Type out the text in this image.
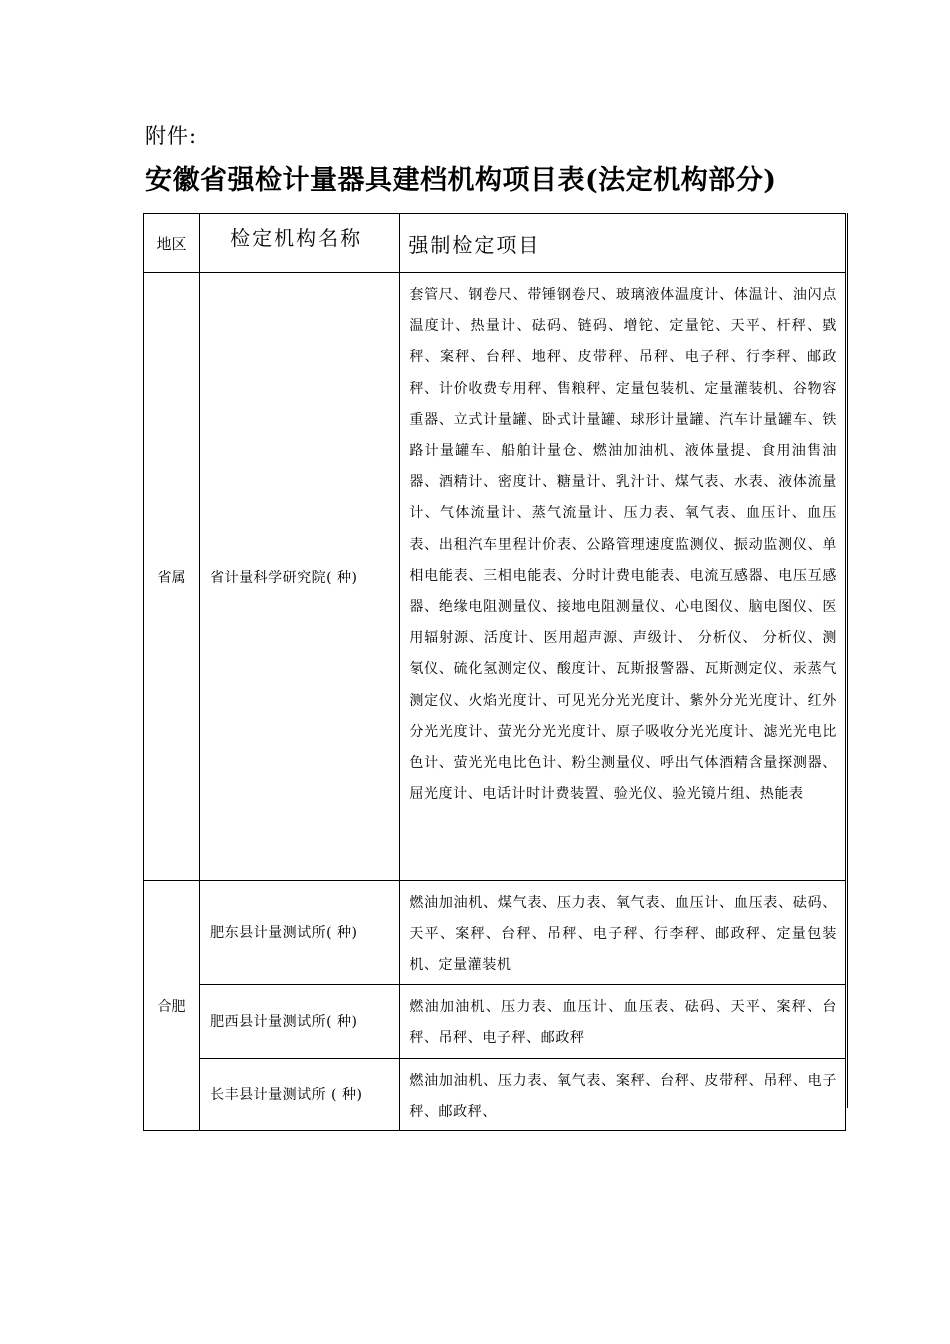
附件:
安徽省强检计量器具建档机构项目表(法定机构部分)
地区	检定机构名称	强制检定项目
省属	省计量科学研究院( 种)	套管尺、钢卷尺、带锤钢卷尺、玻璃液体温度计、体温计、油闪点温度计、热量计、砝码、链码、增铊、定量铊、天平、杆秤、戥秤、案秤、台秤、地秤、皮带秤、吊秤、电子秤、行李秤、邮政秤、计价收费专用秤、售粮秤、定量包装机、定量灌装机、谷物容重器、立式计量罐、卧式计量罐、球形计量罐、汽车计量罐车、铁路计量罐车、船舶计量仓、燃油加油机、液体量提、食用油售油器、酒精计、密度计、糖量计、乳汁计、煤气表、水表、液体流量计、气体流量计、蒸气流量计、压力表、氧气表、血压计、血压表、出租汽车里程计价表、公路管理速度监测仪、振动监测仪、单相电能表、三相电能表、分时计费电能表、电流互感器、电压互感器、绝缘电阻测量仪、接地电阻测量仪、心电图仪、脑电图仪、医用辐射源、活度计、医用超声源、声级计、 分析仪、 分析仪、测氡仪、硫化氢测定仪、酸度计、瓦斯报警器、瓦斯测定仪、汞蒸气测定仪、火焰光度计、可见光分光光度计、紫外分光光度计、红外分光光度计、萤光分光光度计、原子吸收分光光度计、滤光光电比色计、萤光光电比色计、粉尘测量仪、呼出气体酒精含量探测器、屈光度计、电话计时计费装置、验光仪、验光镜片组、热能表
合肥	肥东县计量测试所( 种)	燃油加油机、煤气表、压力表、氧气表、血压计、血压表、砝码、天平、案秤、台秤、吊秤、电子秤、行李秤、邮政秤、定量包装机、定量灌装机
	肥西县计量测试所( 种)	燃油加油机、压力表、血压计、血压表、砝码、天平、案秤、台秤、吊秤、电子秤、邮政秤
	长丰县计量测试所 ( 种)	燃油加油机、压力表、氧气表、案秤、台秤、皮带秤、吊秤、电子秤、邮政秤、
